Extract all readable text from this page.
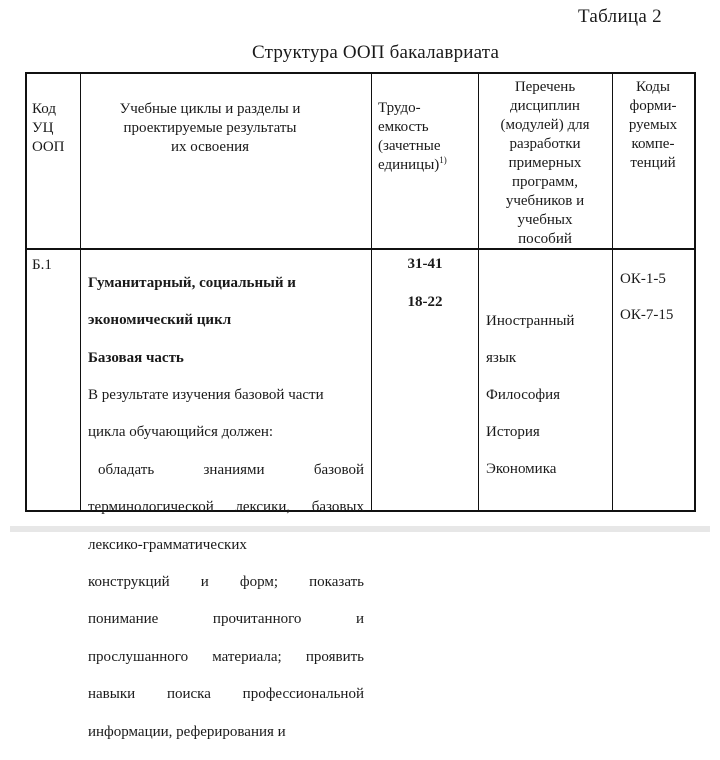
Таблица 2
Структура ООП бакалавриата
Код
УЦ
ООП
Учебные циклы и разделы и
проектируемые результаты
их освоения

Трудо-
емкость
(зачетные
единицы)$^{1)}$

Перечень
дисциплин
(модулей) для
разработки
примерных
программ,
учебников и
учебных
пособий
Коды
форми-
руемых
компе-
тенций
Б.1

Гуманитарный, социальный и

экономический цикл

Базовая часть

В результате изучения базовой части

цикла обучающийся должен:

обладать знаниями базовой

терминологической лексики, базовых

лексико-грамматических

конструкций и форм; показать

понимание прочитанного и

прослушанного материала; проявить

навыки поиска профессиональной

информации, реферирования и

31-41
18-22

Иностранный

язык

Философия

История

Экономика

ОК-1-5

ОК-7-15
